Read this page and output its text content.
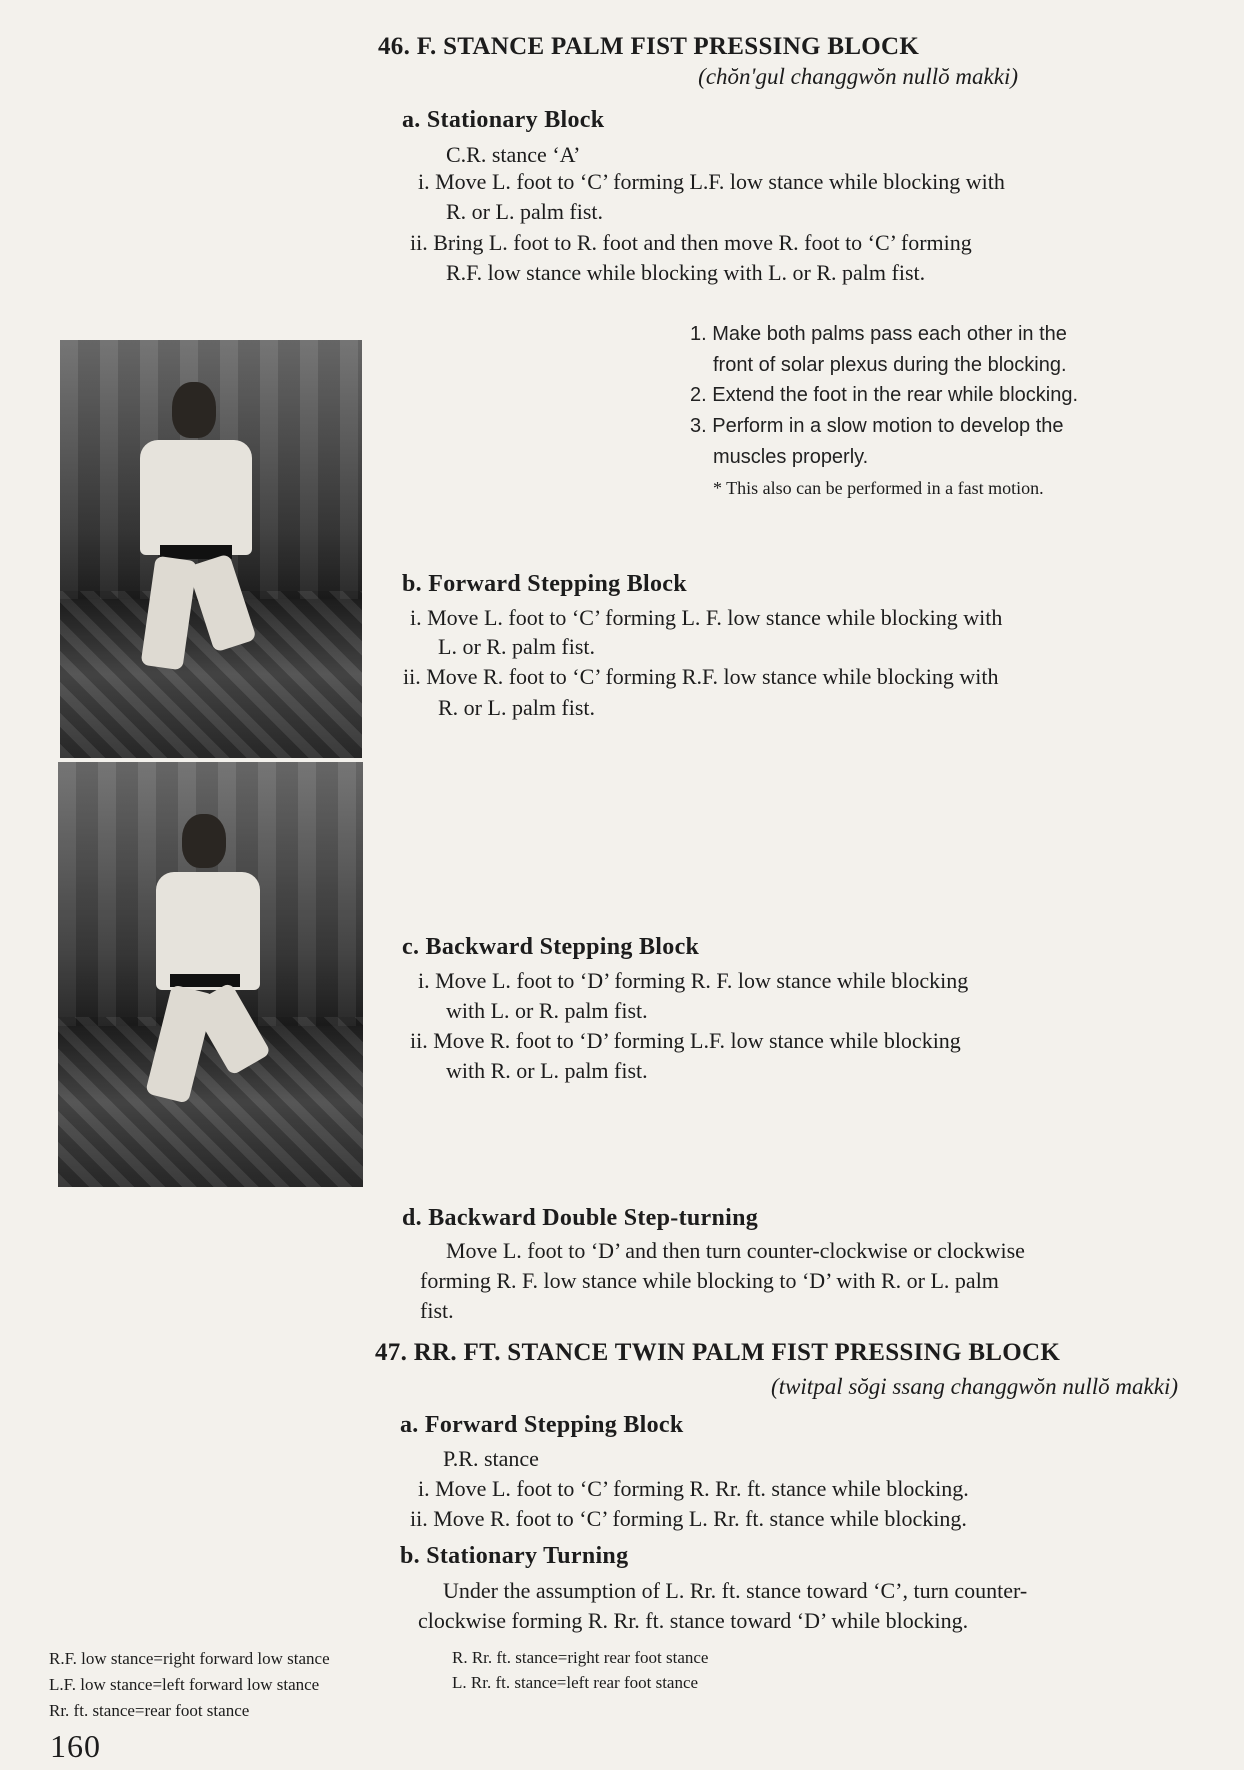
46. F. STANCE PALM FIST PRESSING BLOCK
(chŏn'gul changgwŏn nullŏ makki)
a. Stationary Block
C.R. stance ‘A’
i. Move L. foot to ‘C’ forming L.F. low stance while blocking with
R. or L. palm fist.
ii. Bring L. foot to R. foot and then move R. foot to ‘C’ forming
R.F. low stance while blocking with L. or R. palm fist.
1. Make both palms pass each other in the
front of solar plexus during the blocking.
2. Extend the foot in the rear while blocking.
3. Perform in a slow motion to develop the
muscles properly.
* This also can be performed in a fast motion.
b. Forward Stepping Block
i. Move L. foot to ‘C’ forming L. F. low stance while blocking with
L. or R. palm fist.
ii. Move R. foot to ‘C’ forming R.F. low stance while blocking with
R. or L. palm fist.
c. Backward Stepping Block
i. Move L. foot to ‘D’ forming R. F. low stance while blocking
with L. or R. palm fist.
ii. Move R. foot to ‘D’ forming L.F. low stance while blocking
with R. or L. palm fist.
d. Backward Double Step-turning
Move L. foot to ‘D’ and then turn counter-clockwise or clockwise
forming R. F. low stance while blocking to ‘D’ with R. or L. palm
fist.
47. RR. FT. STANCE TWIN PALM FIST PRESSING BLOCK
(twitpal sŏgi ssang changgwŏn nullŏ makki)
a. Forward Stepping Block
P.R. stance
i. Move L. foot to ‘C’ forming R. Rr. ft. stance while blocking.
ii. Move R. foot to ‘C’ forming L. Rr. ft. stance while blocking.
b. Stationary Turning
Under the assumption of L. Rr. ft. stance toward ‘C’, turn counter-
clockwise forming R. Rr. ft. stance toward ‘D’ while blocking.
R.F. low stance=right forward low stance
L.F. low stance=left forward low stance
Rr. ft. stance=rear foot stance
R. Rr. ft. stance=right rear foot stance
L. Rr. ft. stance=left rear foot stance
160
